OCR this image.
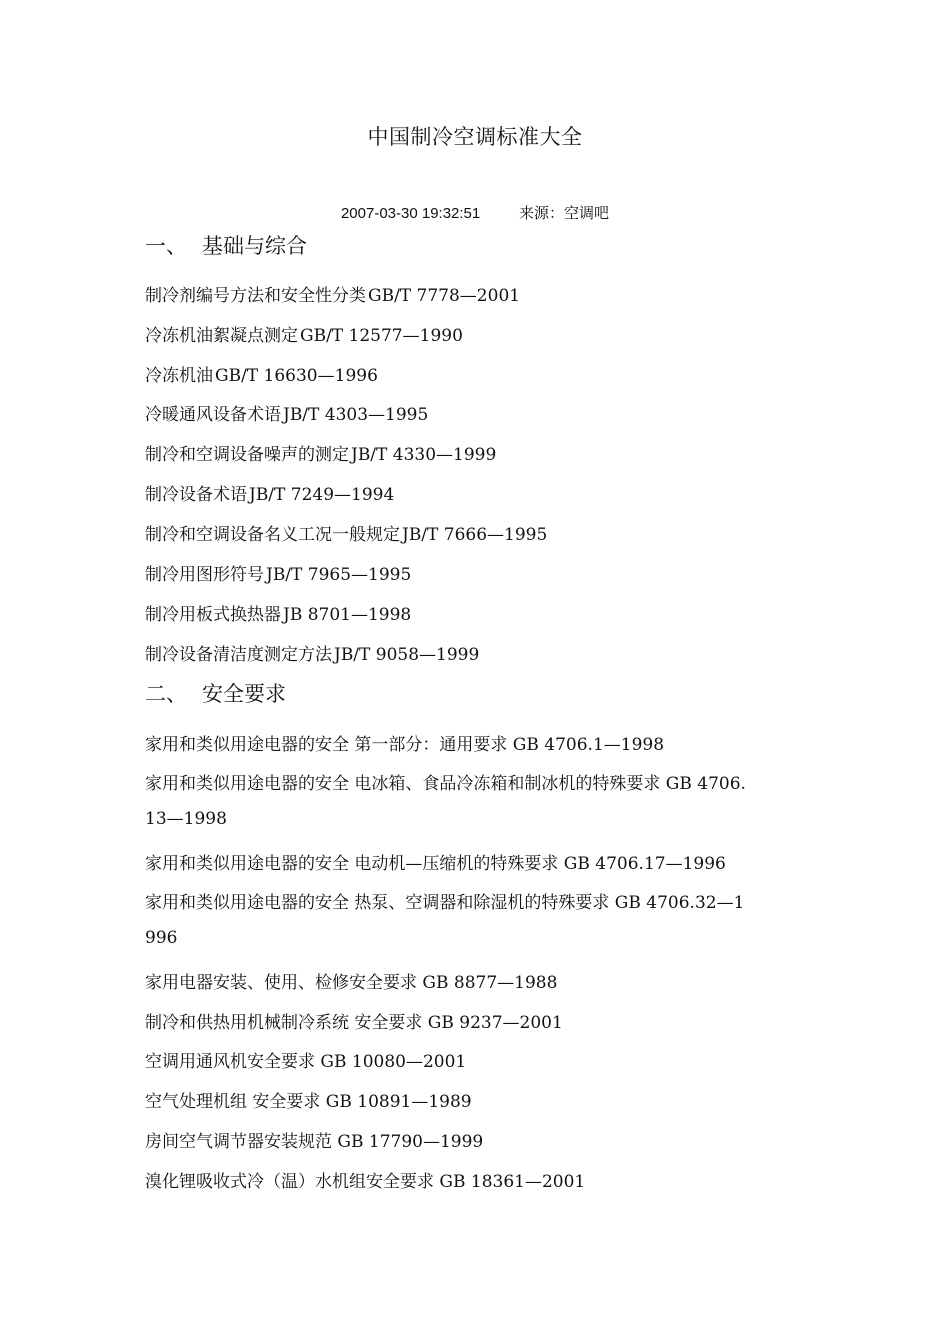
中国制冷空调标准大全
2007-03-30 19:32:51	来源：空调吧
一、 基础与综合
制冷剂编号方法和安全性分类 GB/T 7778—2001
冷冻机油絮凝点测定 GB/T 12577—1990
冷冻机油 GB/T 16630—1996
冷暖通风设备术语 JB/T 4303—1995
制冷和空调设备噪声的测定 JB/T 4330—1999
制冷设备术语 JB/T 7249—1994
制冷和空调设备名义工况一般规定 JB/T 7666—1995
制冷用图形符号 JB/T 7965—1995
制冷用板式换热器 JB 8701—1998
制冷设备清洁度测定方法 JB/T 9058—1999
二、 安全要求
家用和类似用途电器的安全 第一部分：通用要求 GB 4706.1—1998
家用和类似用途电器的安全 电冰箱、食品冷冻箱和制冰机的特殊要求 GB 4706.
13—1998
家用和类似用途电器的安全 电动机—压缩机的特殊要求 GB 4706.17—1996
家用和类似用途电器的安全 热泵、空调器和除湿机的特殊要求 GB 4706.32—1
996
家用电器安装、使用、检修安全要求 GB 8877—1988
制冷和供热用机械制冷系统 安全要求 GB 9237—2001
空调用通风机安全要求 GB 10080—2001
空气处理机组 安全要求 GB 10891—1989
房间空气调节器安装规范 GB 17790—1999
溴化锂吸收式冷（温）水机组安全要求 GB 18361—2001
